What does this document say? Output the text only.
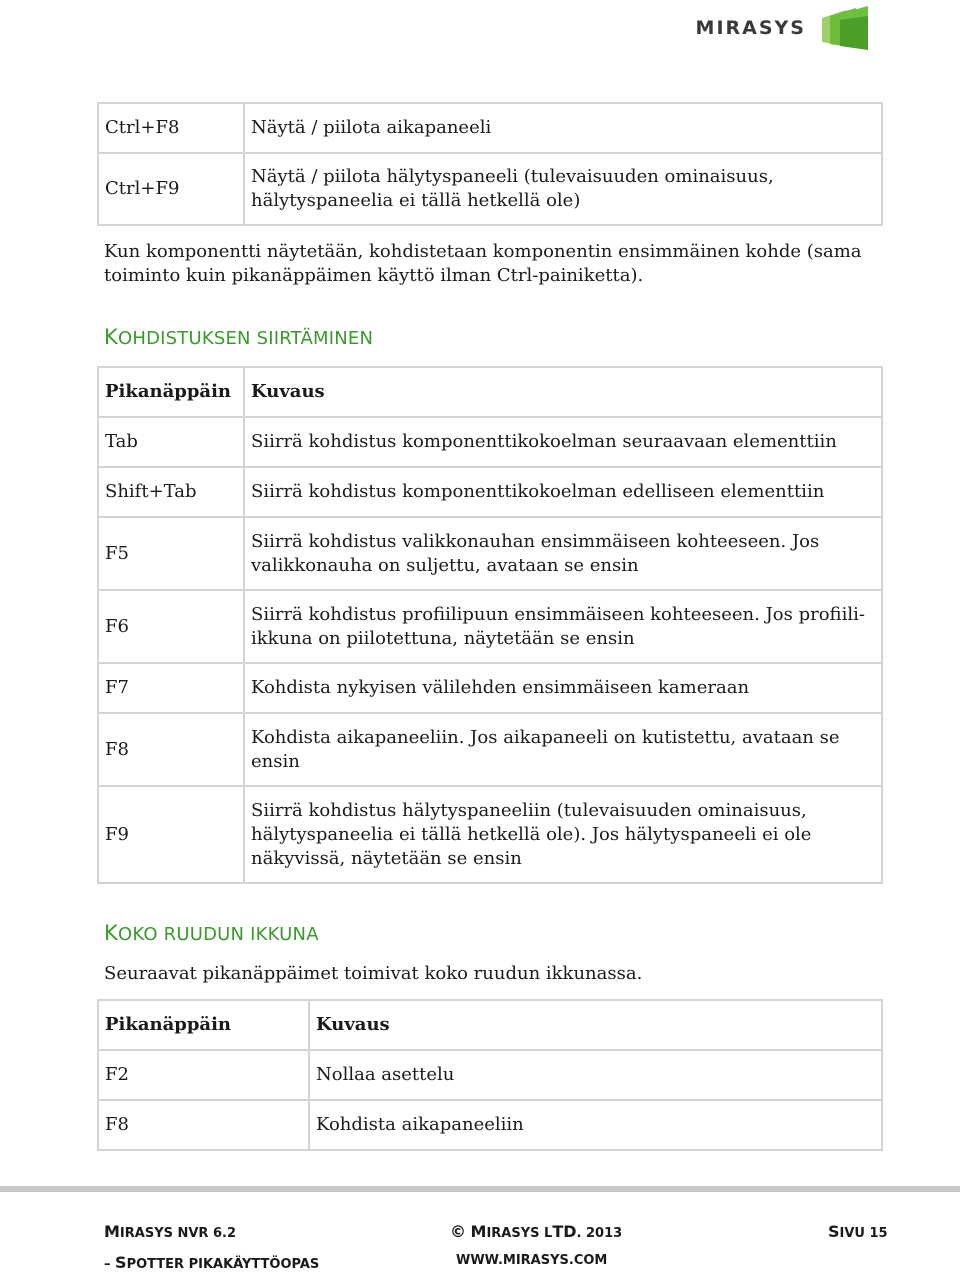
MIRASYS
Ctrl+F8	Näytä / piilota aikapaneeli
Ctrl+F9	Näytä / piilota hälytyspaneeli (tulevaisuuden ominaisuus, hälytyspaneelia ei tällä hetkellä ole)
Kun komponentti näytetään, kohdistetaan komponentin ensimmäinen kohde (sama toiminto kuin pikanäppäimen käyttö ilman Ctrl-painiketta).
KOHDISTUKSEN SIIRTÄMINEN
Pikanäppäin	Kuvaus
Tab	Siirrä kohdistus komponenttikokoelman seuraavaan elementtiin
Shift+Tab	Siirrä kohdistus komponenttikokoelman edelliseen elementtiin
F5	Siirrä kohdistus valikkonauhan ensimmäiseen kohteeseen. Jos valikkonauha on suljettu, avataan se ensin
F6	Siirrä kohdistus profiilipuun ensimmäiseen kohteeseen. Jos profiili-ikkuna on piilotettuna, näytetään se ensin
F7	Kohdista nykyisen välilehden ensimmäiseen kameraan
F8	Kohdista aikapaneeliin. Jos aikapaneeli on kutistettu, avataan se ensin
F9	Siirrä kohdistus hälytyspaneeliin (tulevaisuuden ominaisuus, hälytyspaneelia ei tällä hetkellä ole). Jos hälytyspaneeli ei ole näkyvissä, näytetään se ensin
KOKO RUUDUN IKKUNA
Seuraavat pikanäppäimet toimivat koko ruudun ikkunassa.
Pikanäppäin	Kuvaus
F2	Nollaa asettelu
F8	Kohdista aikapaneeliin
MIRASYS NVR 6.2
– SPOTTER PIKAKÄYTTÖOPAS
© MIRASYS LTD. 2013
WWW.MIRASYS.COM
SIVU 15
